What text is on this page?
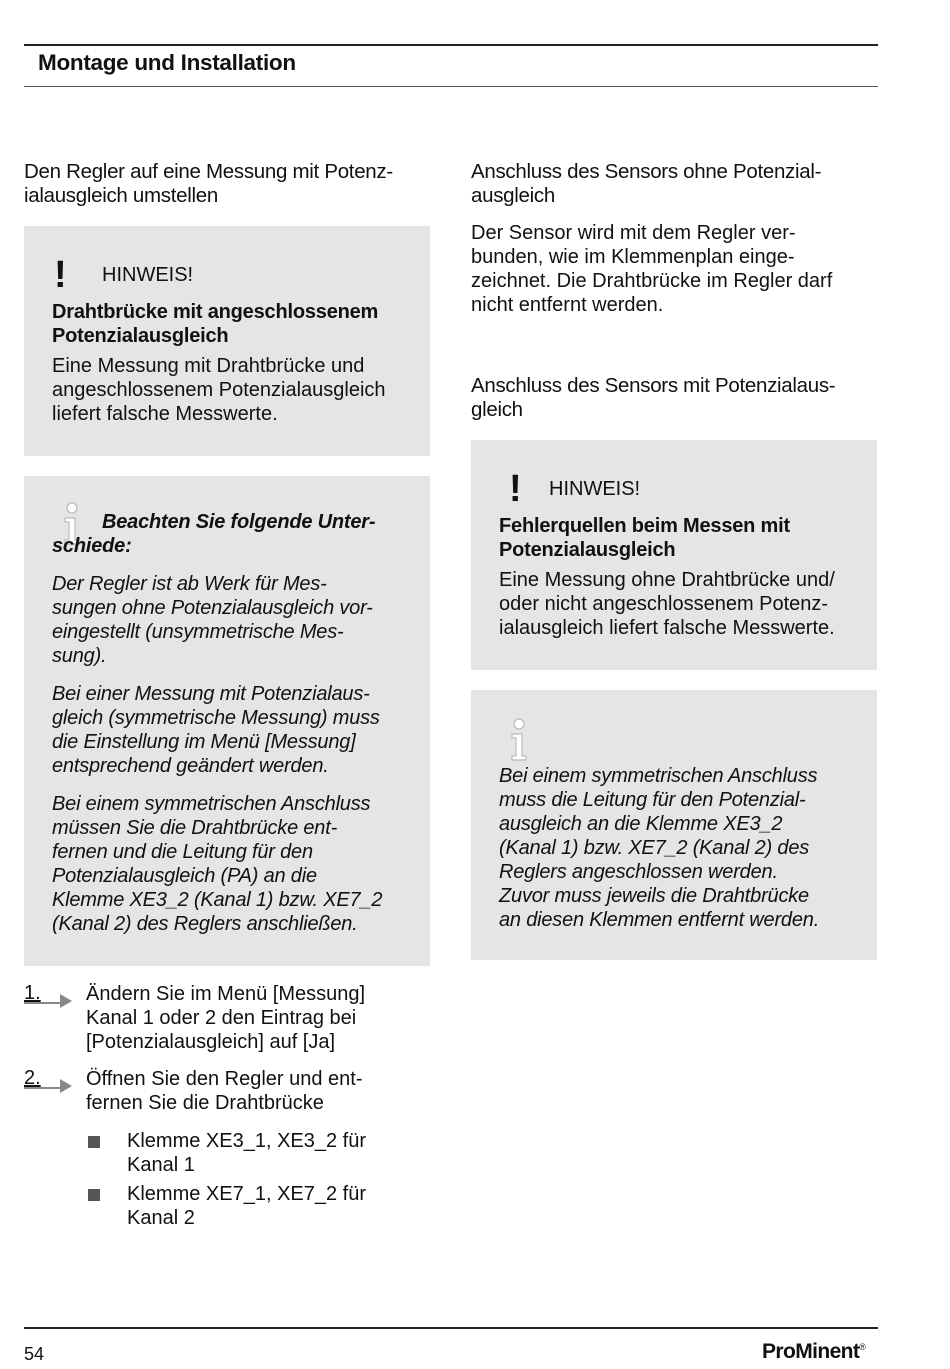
Montage und Installation
Den Regler auf eine Messung mit Potenz-
ialausgleich umstellen
!	HINWEIS!
Drahtbrücke mit angeschlossenem
Potenzialausgleich
Eine Messung mit Drahtbrücke und
angeschlossenem Potenzialausgleich
liefert falsche Messwerte.
Beachten Sie folgende Unter-
schiede:
Der Regler ist ab Werk für Mes-
sungen ohne Potenzialausgleich vor-
eingestellt (unsymmetrische Mes-
sung).
Bei einer Messung mit Potenzialaus-
gleich (symmetrische Messung) muss
die Einstellung im Menü [Messung]
entsprechend geändert werden.
Bei einem symmetrischen Anschluss
müssen Sie die Drahtbrücke ent-
fernen und die Leitung für den
Potenzialausgleich (PA) an die
Klemme XE3_2 (Kanal 1) bzw. XE7_2
(Kanal 2) des Reglers anschließen.
1. Ändern Sie im Menü [Messung]
Kanal 1 oder 2 den Eintrag bei
[Potenzialausgleich] auf [Ja]
2. Öffnen Sie den Regler und ent-
fernen Sie die Drahtbrücke
Klemme XE3_1, XE3_2 für
Kanal 1
Klemme XE7_1, XE7_2 für
Kanal 2
Anschluss des Sensors ohne Potenzial-
ausgleich
Der Sensor wird mit dem Regler ver-
bunden, wie im Klemmenplan einge-
zeichnet. Die Drahtbrücke im Regler darf
nicht entfernt werden.
Anschluss des Sensors mit Potenzialaus-
gleich
!	HINWEIS!
Fehlerquellen beim Messen mit
Potenzialausgleich
Eine Messung ohne Drahtbrücke und/
oder nicht angeschlossenem Potenz-
ialausgleich liefert falsche Messwerte.
Bei einem symmetrischen Anschluss
muss die Leitung für den Potenzial-
ausgleich an die Klemme XE3_2
(Kanal 1) bzw. XE7_2 (Kanal 2) des
Reglers angeschlossen werden.
Zuvor muss jeweils die Drahtbrücke
an diesen Klemmen entfernt werden.
54	ProMinent®
